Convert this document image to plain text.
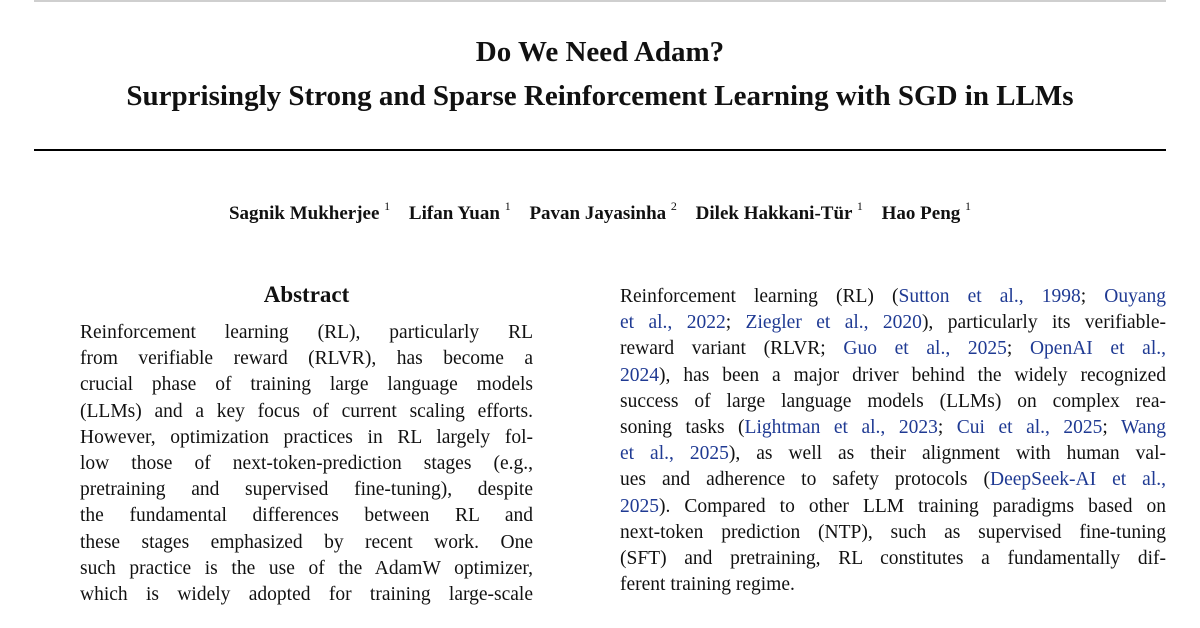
Do We Need Adam?
Surprisingly Strong and Sparse Reinforcement Learning with SGD in LLMs
Sagnik Mukherjee $^1$ Lifan Yuan $^1$ Pavan Jayasinha $^2$ Dilek Hakkani-Tür $^1$ Hao Peng $^1$
Abstract
Reinforcement learning (RL), particularly RL
from verifiable reward (RLVR), has become a
crucial phase of training large language models
(LLMs) and a key focus of current scaling efforts.
However, optimization practices in RL largely fol-
low those of next-token-prediction stages (e.g.,
pretraining and supervised fine-tuning), despite
the fundamental differences between RL and
these stages emphasized by recent work. One
such practice is the use of the AdamW optimizer,
which is widely adopted for training large-scale
Reinforcement learning (RL) (Sutton et al., 1998; Ouyang
et al., 2022; Ziegler et al., 2020), particularly its verifiable-
reward variant (RLVR; Guo et al., 2025; OpenAI et al.,
2024), has been a major driver behind the widely recognized
success of large language models (LLMs) on complex rea-
soning tasks (Lightman et al., 2023; Cui et al., 2025; Wang
et al., 2025), as well as their alignment with human val-
ues and adherence to safety protocols (DeepSeek-AI et al.,
2025). Compared to other LLM training paradigms based on
next-token prediction (NTP), such as supervised fine-tuning
(SFT) and pretraining, RL constitutes a fundamentally dif-
ferent training regime.
